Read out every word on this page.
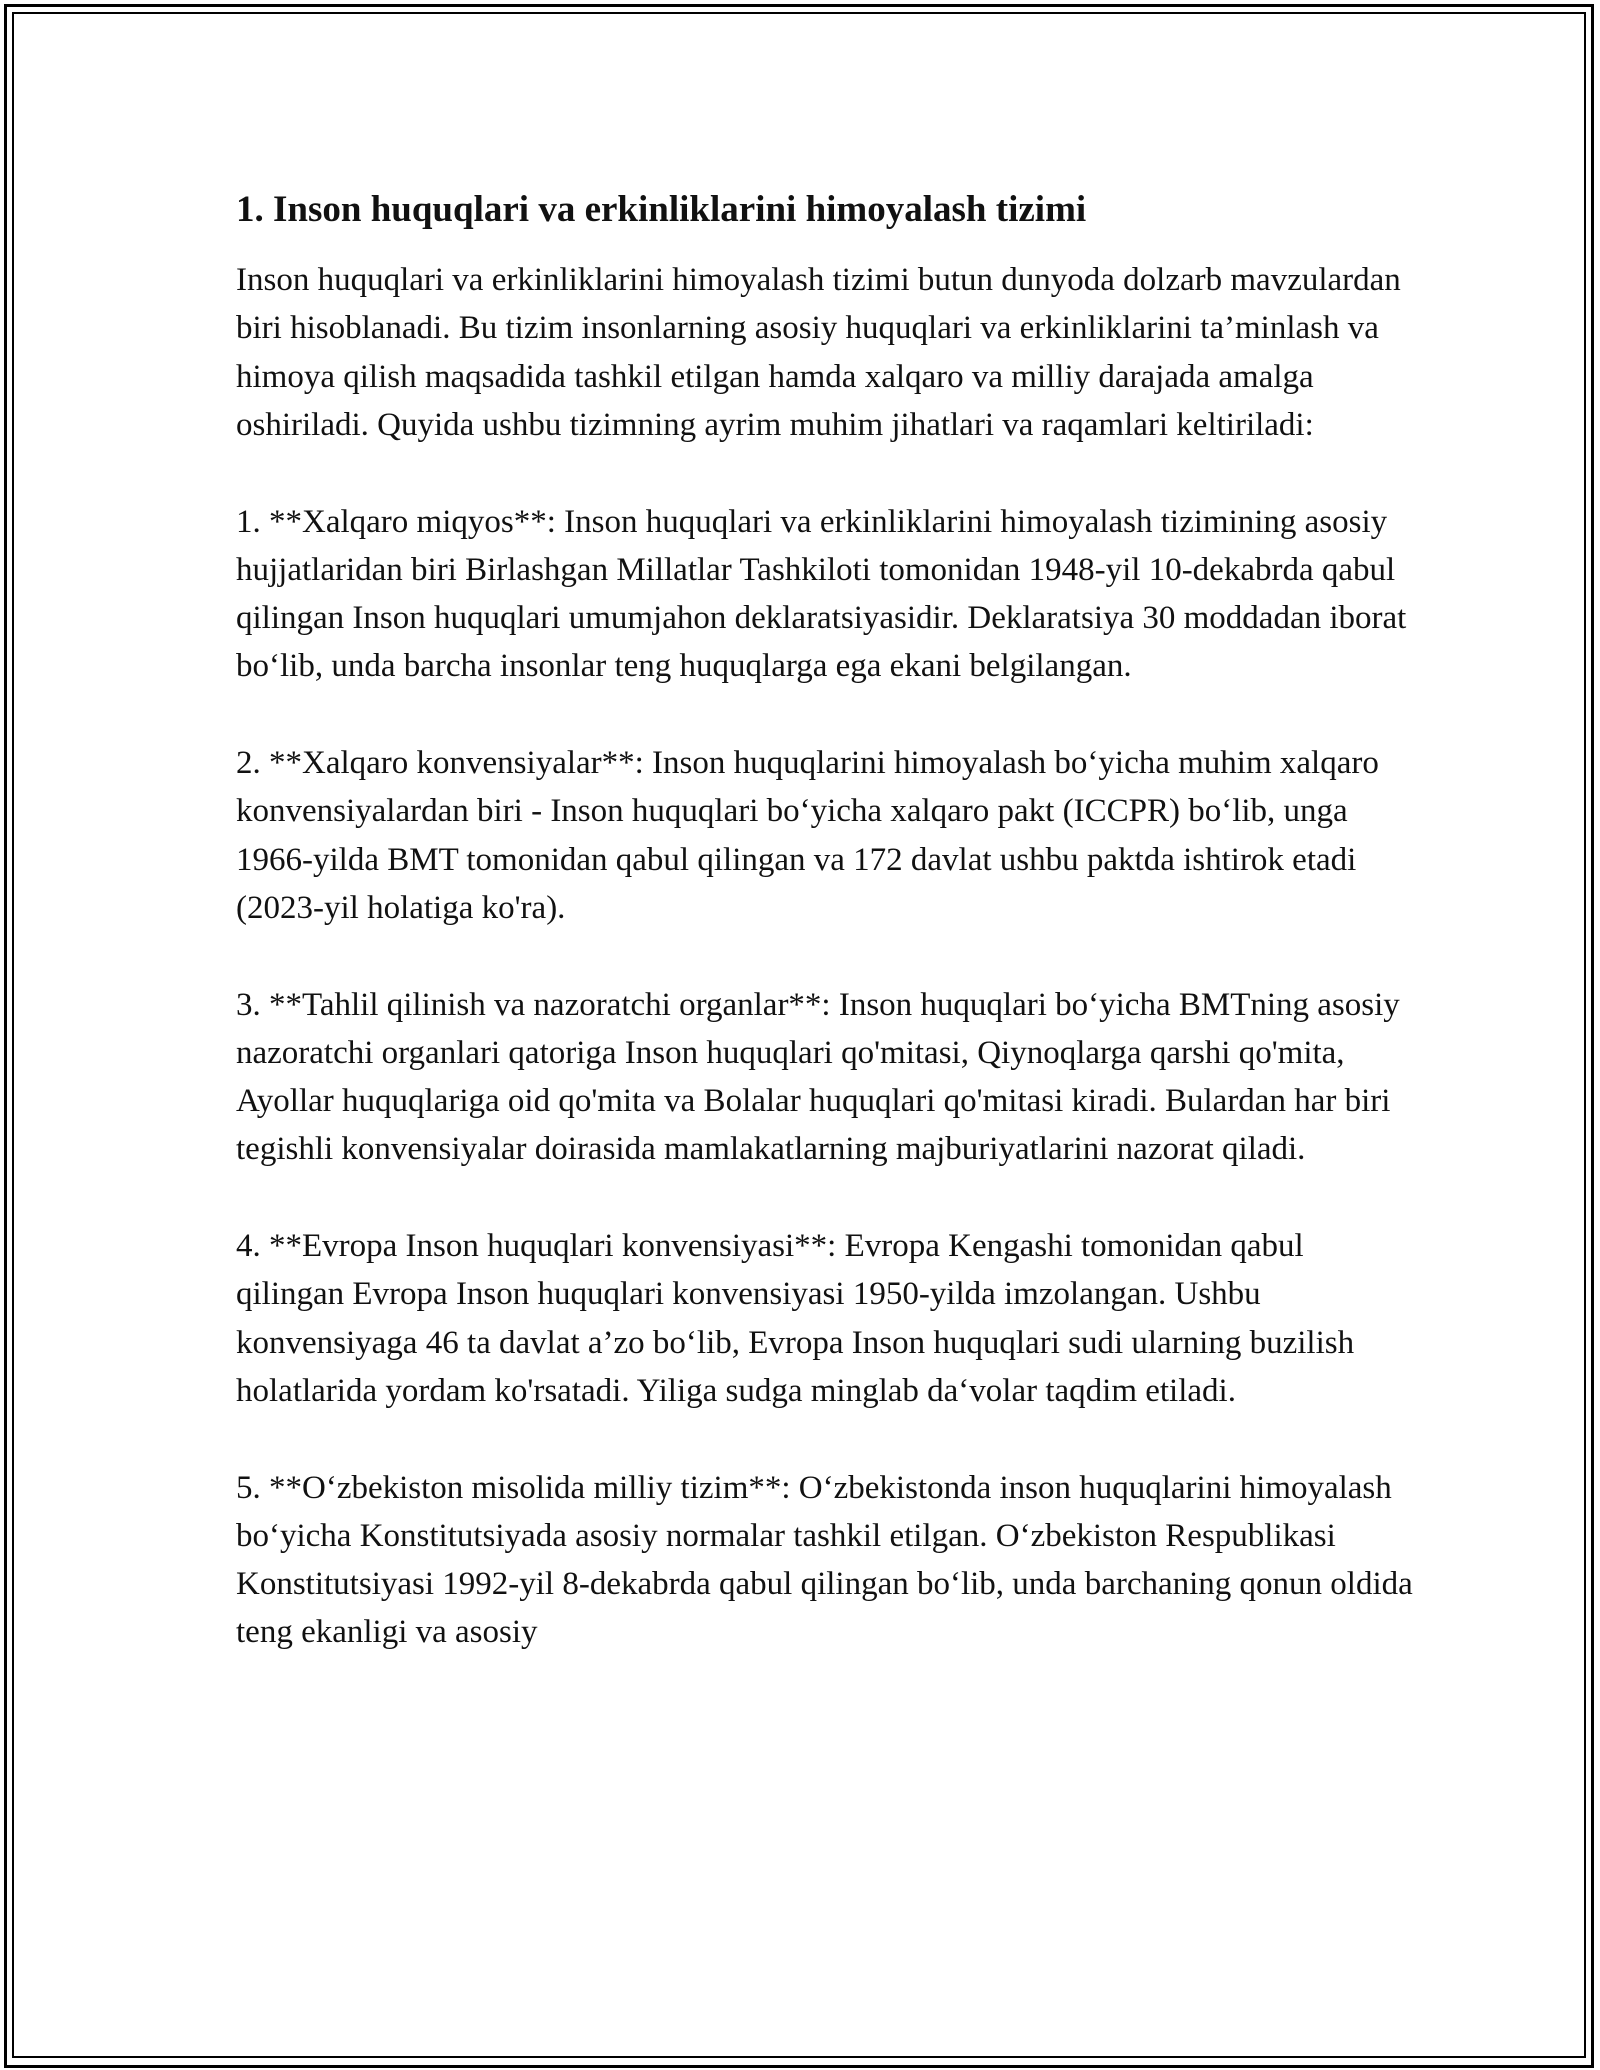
1. Inson huquqlari va erkinliklarini himoyalash tizimi

Inson huquqlari va erkinliklarini himoyalash tizimi butun dunyoda dolzarb mavzulardan biri hisoblanadi. Bu tizim insonlarning asosiy huquqlari va erkinliklarini ta’minlash va himoya qilish maqsadida tashkil etilgan hamda xalqaro va milliy darajada amalga oshiriladi. Quyida ushbu tizimning ayrim muhim jihatlari va raqamlari keltiriladi:

1. **Xalqaro miqyos**: Inson huquqlari va erkinliklarini himoyalash tizimining asosiy hujjatlaridan biri Birlashgan Millatlar Tashkiloti tomonidan 1948-yil 10-dekabrda qabul qilingan Inson huquqlari umumjahon deklaratsiyasidir. Deklaratsiya 30 moddadan iborat bo‘lib, unda barcha insonlar teng huquqlarga ega ekani belgilangan.

2. **Xalqaro konvensiyalar**: Inson huquqlarini himoyalash bo‘yicha muhim xalqaro konvensiyalardan biri - Inson huquqlari bo‘yicha xalqaro pakt (ICCPR) bo‘lib, unga 1966-yilda BMT tomonidan qabul qilingan va 172 davlat ushbu paktda ishtirok etadi (2023-yil holatiga ko'ra).

3. **Tahlil qilinish va nazoratchi organlar**: Inson huquqlari bo‘yicha BMTning asosiy nazoratchi organlari qatoriga Inson huquqlari qo'mitasi, Qiynoqlarga qarshi qo'mita, Ayollar huquqlariga oid qo'mita va Bolalar huquqlari qo'mitasi kiradi. Bulardan har biri tegishli konvensiyalar doirasida mamlakatlarning majburiyatlarini nazorat qiladi.

4. **Evropa Inson huquqlari konvensiyasi**: Evropa Kengashi tomonidan qabul qilingan Evropa Inson huquqlari konvensiyasi 1950-yilda imzolangan. Ushbu konvensiyaga 46 ta davlat a’zo bo‘lib, Evropa Inson huquqlari sudi ularning buzilish holatlarida yordam ko'rsatadi. Yiliga sudga minglab da‘volar taqdim etiladi.

5. **O‘zbekiston misolida milliy tizim**: O‘zbekistonda inson huquqlarini himoyalash bo‘yicha Konstitutsiyada asosiy normalar tashkil etilgan. O‘zbekiston Respublikasi Konstitutsiyasi 1992-yil 8-dekabrda qabul qilingan bo‘lib, unda barchaning qonun oldida teng ekanligi va asosiy
